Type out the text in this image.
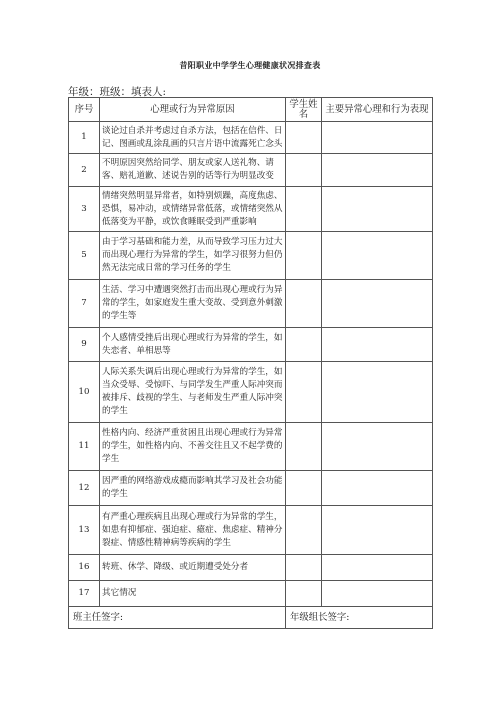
昔阳职业中学学生心理健康状况排查表
年级：班级：填表人:
序号	心理或行为异常原因	学生姓名	主要异常心理和行为表现
1	谈论过自杀并考虑过自杀方法，包括在信件、日记、图画或乱涂乱画的只言片语中流露死亡念头		

2	不明原因突然给同学、朋友或家人送礼物、请客、赔礼道歉、述说告别的话等行为明显改变		

3	情绪突然明显异常者，如特别烦躁，高度焦虑、恐惧，易冲动，或情绪异常低落，或情绪突然从低落变为平静，或饮食睡眠受到严重影响		

5	由于学习基础和能力差，从而导致学习压力过大而出现心理行为异常的学生，如学习很努力但仍然无法完成日常的学习任务的学生		

7	生活、学习中遭遇突然打击而出现心理或行为异常的学生，如家庭发生重大变故、受到意外刺激的学生等		

9	个人感情受挫后出现心理或行为异常的学生，如失恋者、单相思等		

10	人际关系失调后出现心理或行为异常的学生，如当众受辱、受惊吓、与同学发生严重人际冲突而被排斥、歧视的学生、与老师发生严重人际冲突的学生		

11	性格内向、经济严重贫困且出现心理或行为异常的学生，如性格内向、不善交往且又不起学费的学生		

12	因严重的网络游戏成瘾而影响其学习及社会功能的学生		

13	有严重心理疾病且出现心理或行为异常的学生，如患有抑郁症、强迫症、癔症、焦虑症、精神分裂症、情感性精神病等疾病的学生		

16	转班、休学、降级、或近期遭受处分者		

17	其它情况		

班主任签字:		年级组长签字:	
